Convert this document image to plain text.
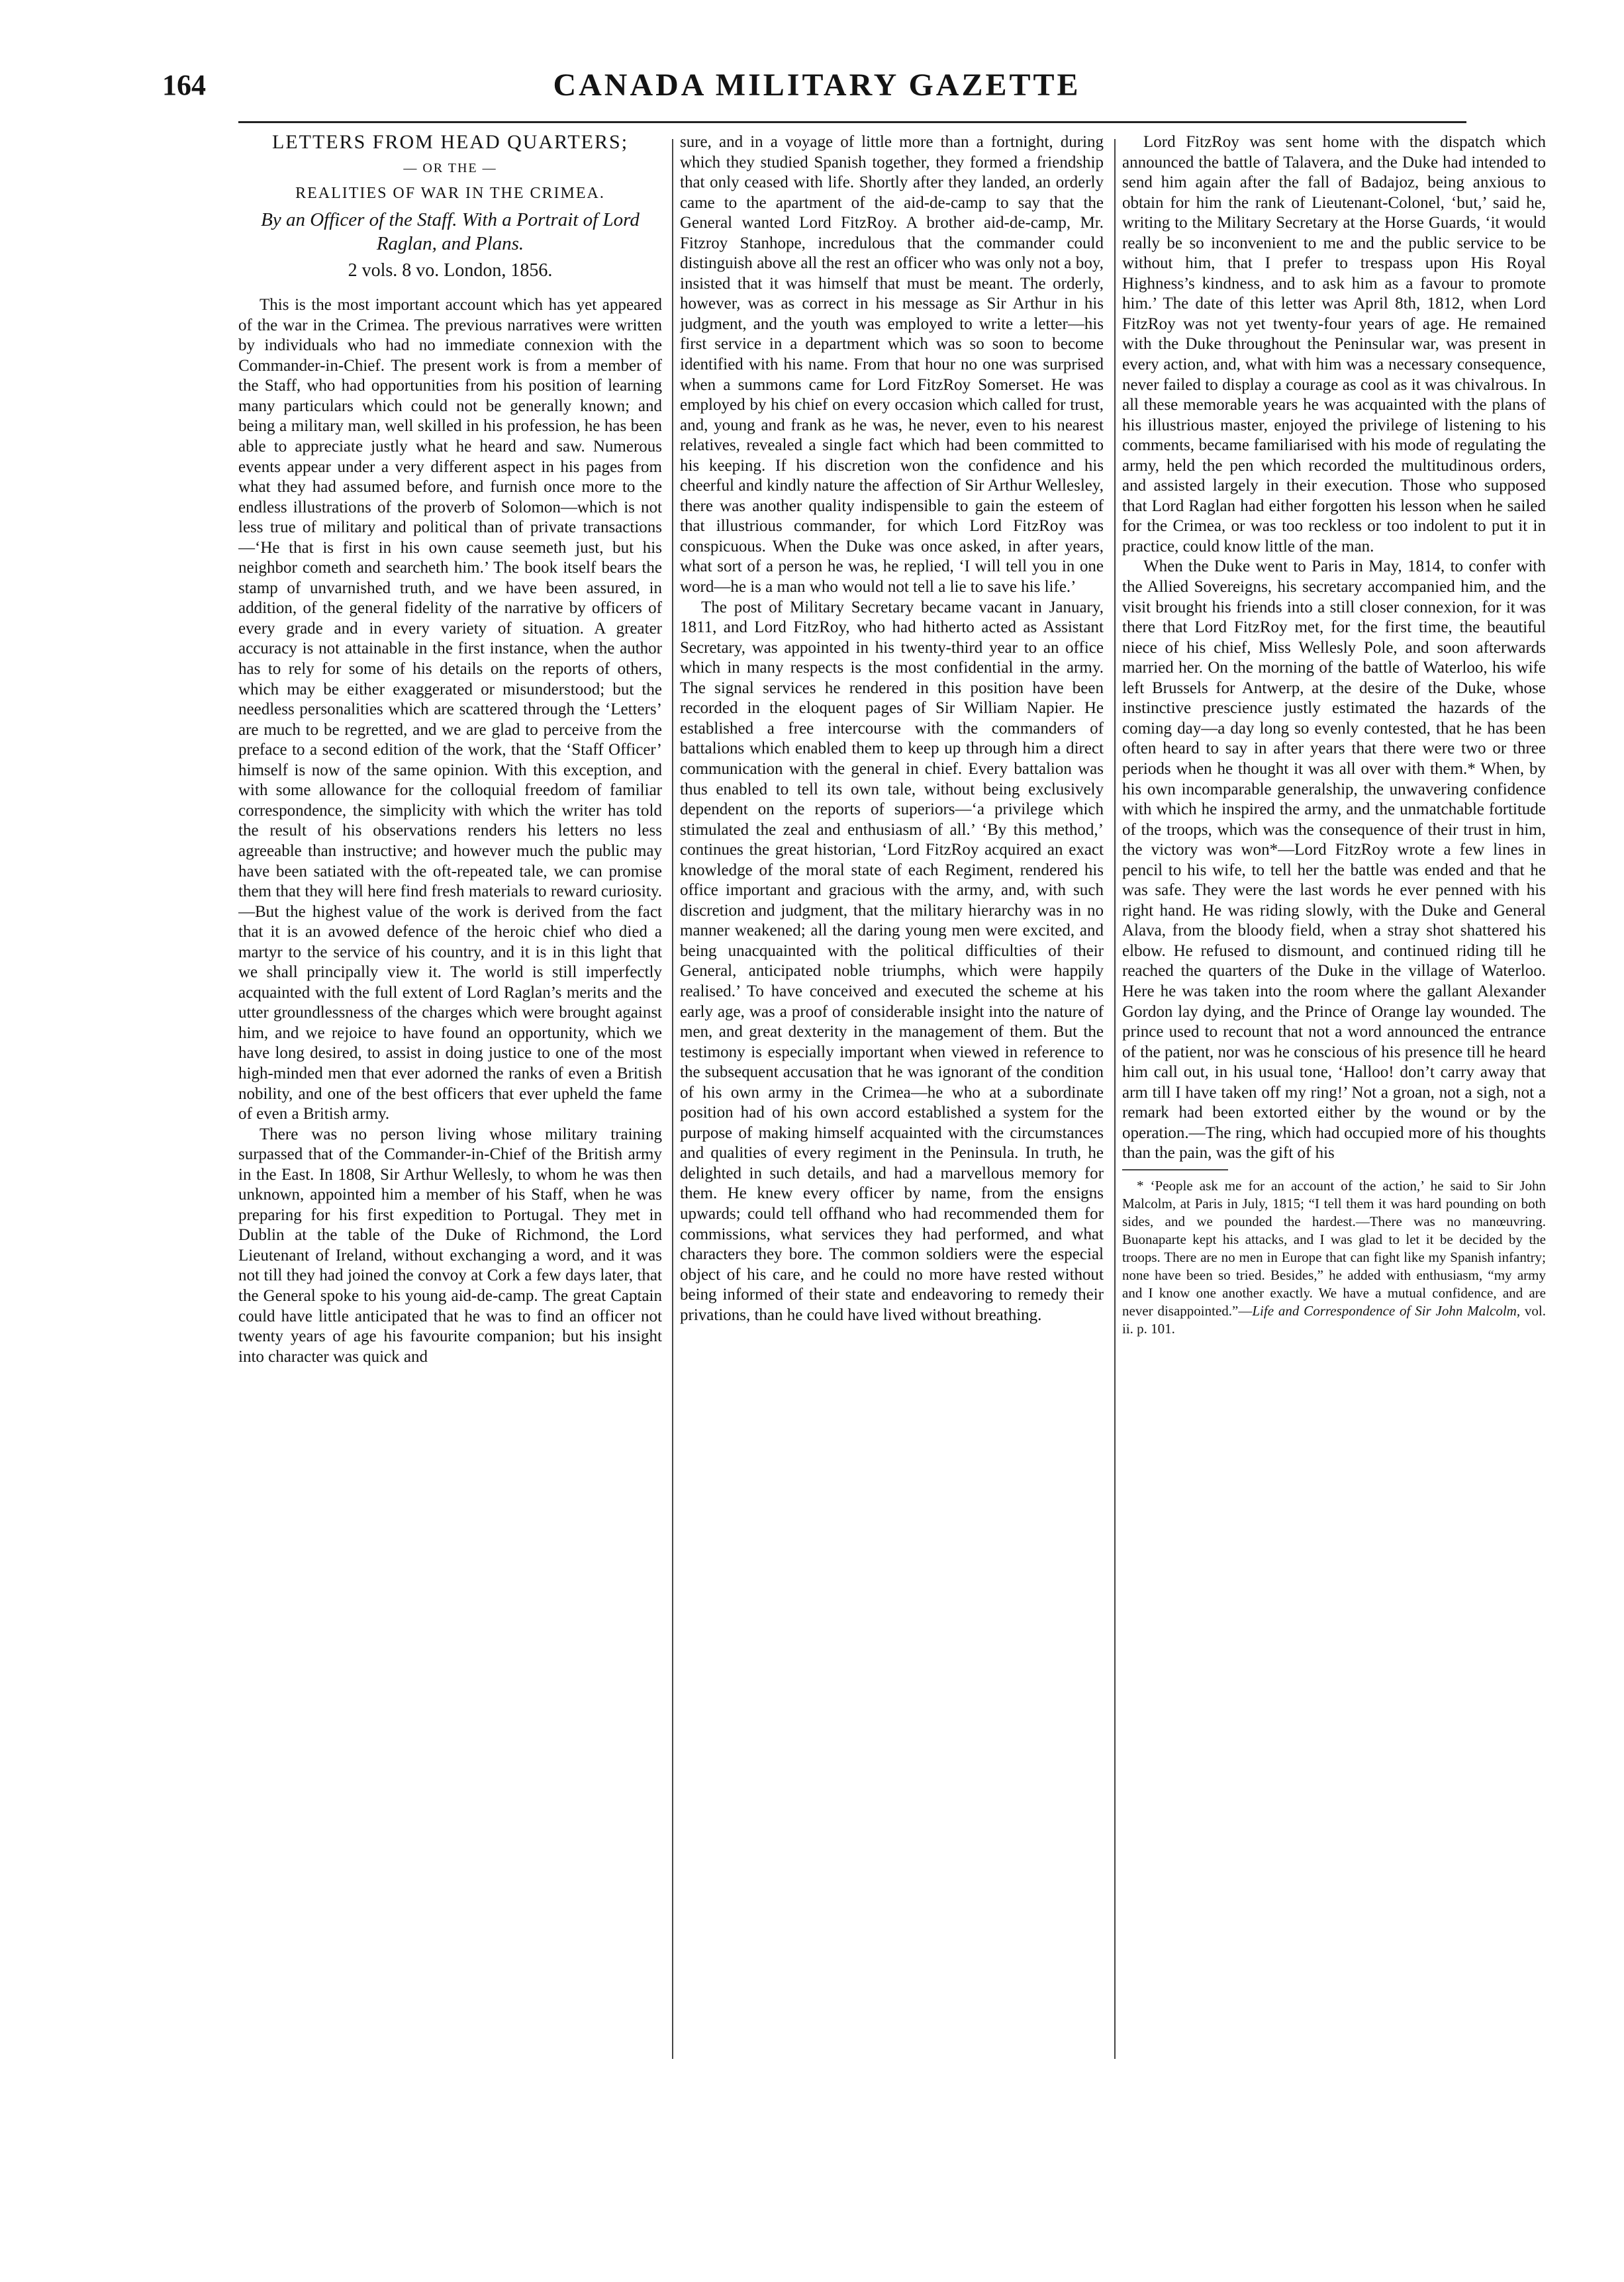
164	CANADA MILITARY GAZETTE
LETTERS FROM HEAD QUARTERS;
— OR THE —
REALITIES OF WAR IN THE CRIMEA.
By an Officer of the Staff. With a Portrait of Lord Raglan, and Plans.
2 vols. 8 vo. London, 1856.

This is the most important account which has yet appeared of the war in the Crimea. The previous narratives were written by individuals who had no immediate connexion with the Commander-in-Chief. The present work is from a member of the Staff, who had opportunities from his position of learning many particulars which could not be generally known; and being a military man, well skilled in his profession, he has been able to appreciate justly what he heard and saw. Numerous events appear under a very different aspect in his pages from what they had assumed before, and furnish once more to the endless illustrations of the proverb of Solomon—which is not less true of military and political than of private transactions—‘He that is first in his own cause seemeth just, but his neighbor cometh and searcheth him.’ The book itself bears the stamp of unvarnished truth, and we have been assured, in addition, of the general fidelity of the narrative by officers of every grade and in every variety of situation. A greater accuracy is not attainable in the first instance, when the author has to rely for some of his details on the reports of others, which may be either exaggerated or misunderstood; but the needless personalities which are scattered through the ‘Letters’ are much to be regretted, and we are glad to perceive from the preface to a second edition of the work, that the ‘Staff Officer’ himself is now of the same opinion. With this exception, and with some allowance for the colloquial freedom of familiar correspondence, the simplicity with which the writer has told the result of his observations renders his letters no less agreeable than instructive; and however much the public may have been satiated with the oft-repeated tale, we can promise them that they will here find fresh materials to reward curiosity.—But the highest value of the work is derived from the fact that it is an avowed defence of the heroic chief who died a martyr to the service of his country, and it is in this light that we shall principally view it. The world is still imperfectly acquainted with the full extent of Lord Raglan’s merits and the utter groundlessness of the charges which were brought against him, and we rejoice to have found an opportunity, which we have long desired, to assist in doing justice to one of the most high-minded men that ever adorned the ranks of even a British nobility, and one of the best officers that ever upheld the fame of even a British army.

There was no person living whose military training surpassed that of the Commander-in-Chief of the British army in the East. In 1808, Sir Arthur Wellesly, to whom he was then unknown, appointed him a member of his Staff, when he was preparing for his first expedition to Portugal. They met in Dublin at the table of the Duke of Richmond, the Lord Lieutenant of Ireland, without exchanging a word, and it was not till they had joined the convoy at Cork a few days later, that the General spoke to his young aid-de-camp. The great Captain could have little anticipated that he was to find an officer not twenty years of age his favourite companion; but his insight into character was quick and

sure, and in a voyage of little more than a fortnight, during which they studied Spanish together, they formed a friendship that only ceased with life. Shortly after they landed, an orderly came to the apartment of the aid-de-camp to say that the General wanted Lord FitzRoy. A brother aid-de-camp, Mr. Fitzroy Stanhope, incredulous that the commander could distinguish above all the rest an officer who was only not a boy, insisted that it was himself that must be meant. The orderly, however, was as correct in his message as Sir Arthur in his judgment, and the youth was employed to write a letter—his first service in a department which was so soon to become identified with his name. From that hour no one was surprised when a summons came for Lord FitzRoy Somerset. He was employed by his chief on every occasion which called for trust, and, young and frank as he was, he never, even to his nearest relatives, revealed a single fact which had been committed to his keeping. If his discretion won the confidence and his cheerful and kindly nature the affection of Sir Arthur Wellesley, there was another quality indispensible to gain the esteem of that illustrious commander, for which Lord FitzRoy was conspicuous. When the Duke was once asked, in after years, what sort of a person he was, he replied, ‘I will tell you in one word—he is a man who would not tell a lie to save his life.’

The post of Military Secretary became vacant in January, 1811, and Lord FitzRoy, who had hitherto acted as Assistant Secretary, was appointed in his twenty-third year to an office which in many respects is the most confidential in the army. The signal services he rendered in this position have been recorded in the eloquent pages of Sir William Napier. He established a free intercourse with the commanders of battalions which enabled them to keep up through him a direct communication with the general in chief. Every battalion was thus enabled to tell its own tale, without being exclusively dependent on the reports of superiors—‘a privilege which stimulated the zeal and enthusiasm of all.’ ‘By this method,’ continues the great historian, ‘Lord FitzRoy acquired an exact knowledge of the moral state of each Regiment, rendered his office important and gracious with the army, and, with such discretion and judgment, that the military hierarchy was in no manner weakened; all the daring young men were excited, and being unacquainted with the political difficulties of their General, anticipated noble triumphs, which were happily realised.’ To have conceived and executed the scheme at his early age, was a proof of considerable insight into the nature of men, and great dexterity in the management of them. But the testimony is especially important when viewed in reference to the subsequent accusation that he was ignorant of the condition of his own army in the Crimea—he who at a subordinate position had of his own accord established a system for the purpose of making himself acquainted with the circumstances and qualities of every regiment in the Peninsula. In truth, he delighted in such details, and had a marvellous memory for them. He knew every officer by name, from the ensigns upwards; could tell offhand who had recommended them for commissions, what services they had performed, and what characters they bore. The common soldiers were the especial object of his care, and he could no more have rested without being informed of their state and endeavoring to remedy their privations, than he could have lived without breathing.

Lord FitzRoy was sent home with the dispatch which announced the battle of Talavera, and the Duke had intended to send him again after the fall of Badajoz, being anxious to obtain for him the rank of Lieutenant-Colonel, ‘but,’ said he, writing to the Military Secretary at the Horse Guards, ‘it would really be so inconvenient to me and the public service to be without him, that I prefer to trespass upon His Royal Highness’s kindness, and to ask him as a favour to promote him.’ The date of this letter was April 8th, 1812, when Lord FitzRoy was not yet twenty-four years of age. He remained with the Duke throughout the Peninsular war, was present in every action, and, what with him was a necessary consequence, never failed to display a courage as cool as it was chivalrous. In all these memorable years he was acquainted with the plans of his illustrious master, enjoyed the privilege of listening to his comments, became familiarised with his mode of regulating the army, held the pen which recorded the multitudinous orders, and assisted largely in their execution. Those who supposed that Lord Raglan had either forgotten his lesson when he sailed for the Crimea, or was too reckless or too indolent to put it in practice, could know little of the man.

When the Duke went to Paris in May, 1814, to confer with the Allied Sovereigns, his secretary accompanied him, and the visit brought his friends into a still closer connexion, for it was there that Lord FitzRoy met, for the first time, the beautiful niece of his chief, Miss Wellesly Pole, and soon afterwards married her. On the morning of the battle of Waterloo, his wife left Brussels for Antwerp, at the desire of the Duke, whose instinctive prescience justly estimated the hazards of the coming day—a day long so evenly contested, that he has been often heard to say in after years that there were two or three periods when he thought it was all over with them.* When, by his own incomparable generalship, the unwavering confidence with which he inspired the army, and the unmatchable fortitude of the troops, which was the consequence of their trust in him, the victory was won*—Lord FitzRoy wrote a few lines in pencil to his wife, to tell her the battle was ended and that he was safe. They were the last words he ever penned with his right hand. He was riding slowly, with the Duke and General Alava, from the bloody field, when a stray shot shattered his elbow. He refused to dismount, and continued riding till he reached the quarters of the Duke in the village of Waterloo. Here he was taken into the room where the gallant Alexander Gordon lay dying, and the Prince of Orange lay wounded. The prince used to recount that not a word announced the entrance of the patient, nor was he conscious of his presence till he heard him call out, in his usual tone, ‘Halloo! don’t carry away that arm till I have taken off my ring!’ Not a groan, not a sigh, not a remark had been extorted either by the wound or by the operation.—The ring, which had occupied more of his thoughts than the pain, was the gift of his

* ‘People ask me for an account of the action,’ he said to Sir John Malcolm, at Paris in July, 1815; “I tell them it was hard pounding on both sides, and we pounded the hardest.—There was no manœuvring. Buonaparte kept his attacks, and I was glad to let it be decided by the troops. There are no men in Europe that can fight like my Spanish infantry; none have been so tried. Besides,” he added with enthusiasm, “my army and I know one another exactly. We have a mutual confidence, and are never disappointed.”—Life and Correspondence of Sir John Malcolm, vol. ii. p. 101.
